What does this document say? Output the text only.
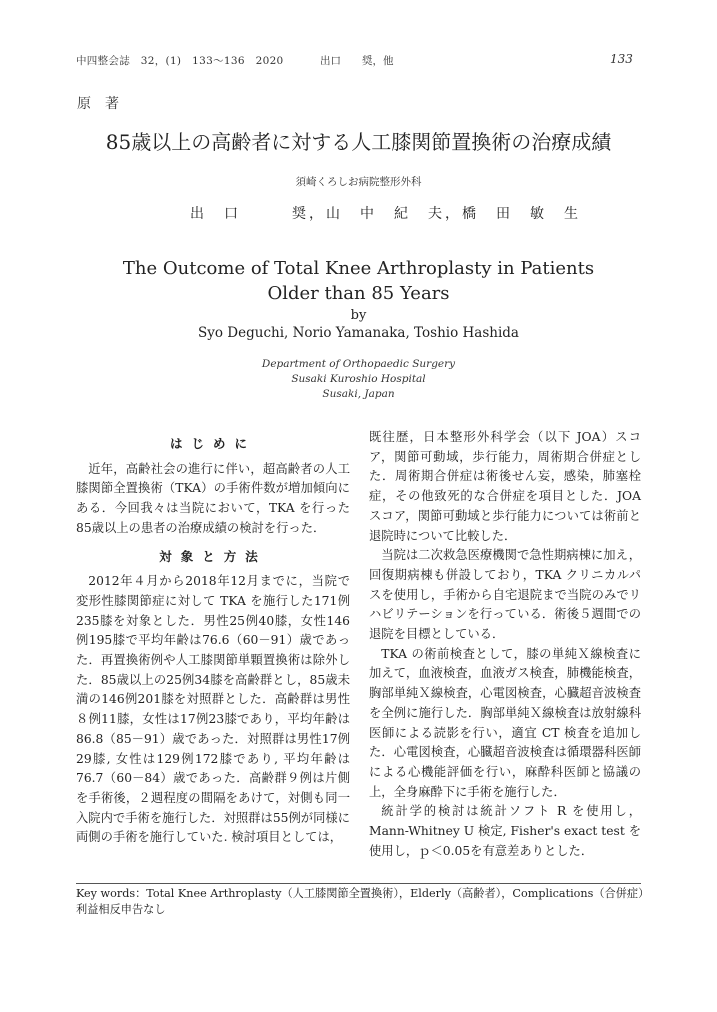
中四整会誌　32，(1)　133～136　2020	出口　　奨，他	133
原著
85歳以上の高齢者に対する人工膝関節置換術の治療成績
須崎くろしお病院整形外科
出　口　　　奨，山　中　紀　夫，橋　田　敏　生
The Outcome of Total Knee Arthroplasty in Patients
Older than 85 Years
by
Syo Deguchi, Norio Yamanaka, Toshio Hashida
Department of Orthopaedic Surgery
Susaki Kuroshio Hospital
Susaki, Japan
はじめに

近年，高齢社会の進行に伴い，超高齢者の人工膝関節全置換術（TKA）の手術件数が増加傾向にある．今回我々は当院において，TKA を行った85歳以上の患者の治療成績の検討を行った．

対象と方法

2012年４月から2018年12月までに，当院で変形性膝関節症に対して TKA を施行した171例235膝を対象とした．男性25例40膝，女性146例195膝で平均年齢は76.6（60－91）歳であった．再置換術例や人工膝関節単顆置換術は除外した．85歳以上の25例34膝を高齢群とし，85歳未満の146例201膝を対照群とした．高齢群は男性８例11膝，女性は17例23膝であり，平均年齢は86.8（85－91）歳であった．対照群は男性17例29膝, 女性は129例172膝であり, 平均年齢は76.7（60－84）歳であった．高齢群９例は片側を手術後，２週程度の間隔をあけて，対側も同一入院内で手術を施行した．対照群は55例が同様に両側の手術を施行していた. 検討項目としては，

既往歴，日本整形外科学会（以下 JOA）スコア，関節可動域，歩行能力，周術期合併症とした．周術期合併症は術後せん妄，感染，肺塞栓症，その他致死的な合併症を項目とした．JOA スコア，関節可動域と歩行能力については術前と退院時について比較した．

当院は二次救急医療機関で急性期病棟に加え，回復期病棟も併設しており，TKA クリニカルパスを使用し，手術から自宅退院まで当院のみでリハビリテーションを行っている．術後５週間での退院を目標としている．

TKA の術前検査として，膝の単純Ｘ線検査に加えて，血液検査，血液ガス検査，肺機能検査，胸部単純Ｘ線検査，心電図検査，心臓超音波検査を全例に施行した．胸部単純Ｘ線検査は放射線科医師による読影を行い，適宜 CT 検査を追加した．心電図検査，心臓超音波検査は循環器科医師による心機能評価を行い，麻酔科医師と協議の上，全身麻酔下に手術を施行した．

統計学的検討は統計ソフト R を使用し，Mann-Whitney U 検定, Fisher's exact test を使用し，ｐ＜0.05を有意差ありとした．

Key words：Total Knee Arthroplasty（人工膝関節全置換術），Elderly（高齢者），Complications（合併症）
利益相反申告なし
